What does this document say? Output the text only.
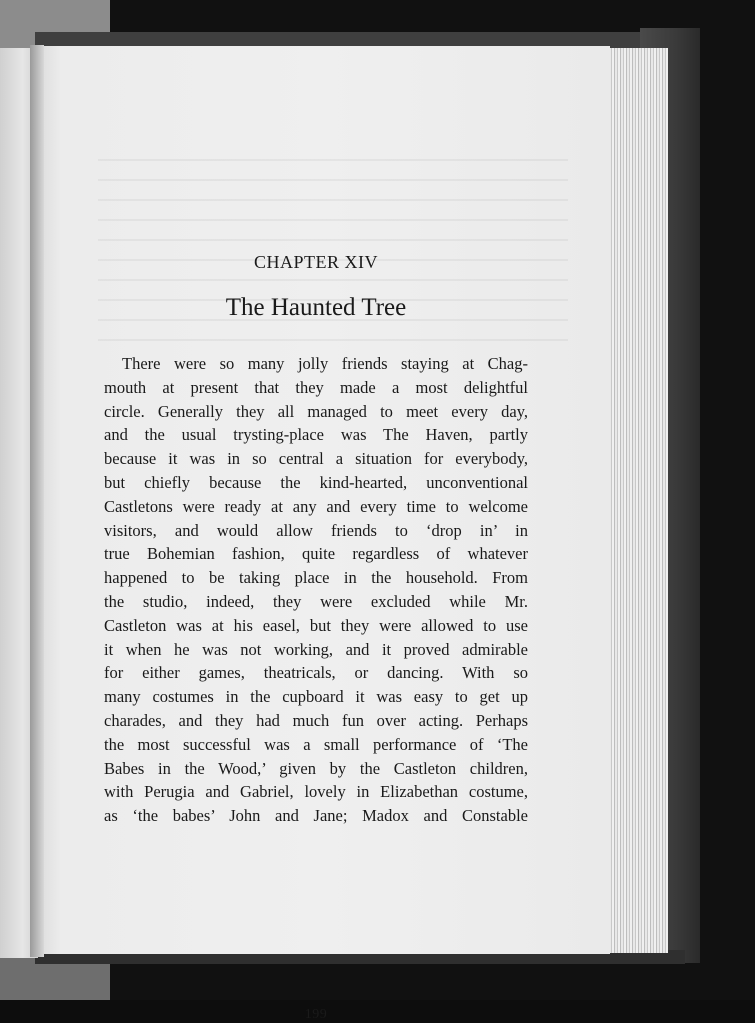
CHAPTER XIV
The Haunted Tree
There were so many jolly friends staying at Chag-
mouth at present that they made a most delightful
circle. Generally they all managed to meet every day,
and the usual trysting-place was The Haven, partly
because it was in so central a situation for everybody,
but chiefly because the kind-hearted, unconventional
Castletons were ready at any and every time to welcome
visitors, and would allow friends to ‘drop in’ in
true Bohemian fashion, quite regardless of whatever
happened to be taking place in the household. From
the studio, indeed, they were excluded while Mr.
Castleton was at his easel, but they were allowed to use
it when he was not working, and it proved admirable
for either games, theatricals, or dancing. With so
many costumes in the cupboard it was easy to get up
charades, and they had much fun over acting. Perhaps
the most successful was a small performance of ‘The
Babes in the Wood,’ given by the Castleton children,
with Perugia and Gabriel, lovely in Elizabethan costume,
as ‘the babes’ John and Jane; Madox and Constable
199
